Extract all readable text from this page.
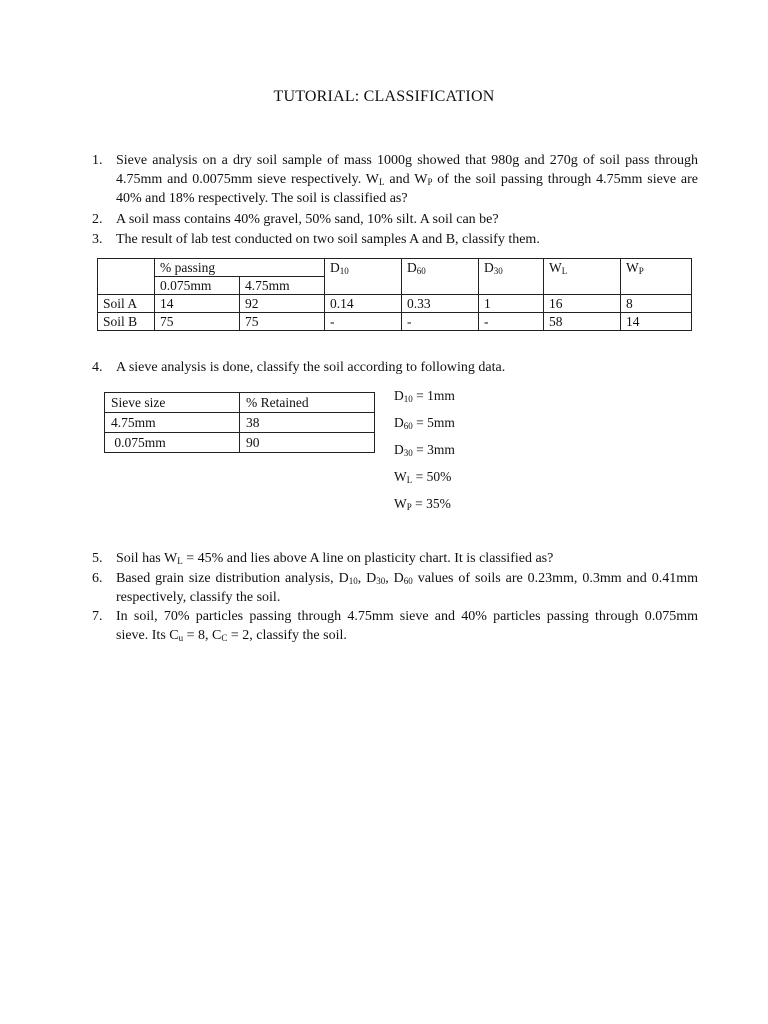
TUTORIAL: CLASSIFICATION
1. Sieve analysis on a dry soil sample of mass 1000g showed that 980g and 270g of soil pass through 4.75mm and 0.0075mm sieve respectively. $W_L$ and $W_P$ of the soil passing through 4.75mm sieve are 40% and 18% respectively. The soil is classified as?
2. A soil mass contains 40% gravel, 50% sand, 10% silt. A soil can be?
3. The result of lab test conducted on two soil samples A and B, classify them.
	% passing		$D_{10}$	$D_{60}$	$D_{30}$	$W_L$	$W_P$
	0.075mm	4.75mm					
Soil A	14	92	0.14	0.33	1	16	8
Soil B	75	75	-	-	-	58	14
4. A sieve analysis is done, classify the soil according to following data.
Sieve size	% Retained
4.75mm	38
0.075mm	90
$D_{10} = 1mm$
$D_{60} = 5mm$
$D_{30} = 3mm$
$W_L = 50\%$
$W_P = 35\%$
5. Soil has $W_L = 45\%$ and lies above A line on plasticity chart. It is classified as?
6. Based grain size distribution analysis, $D_{10}$, $D_{30}$, $D_{60}$ values of soils are 0.23mm, 0.3mm and 0.41mm respectively, classify the soil.
7. In soil, 70% particles passing through 4.75mm sieve and 40% particles passing through 0.075mm sieve. Its $C_u = 8$, $C_C = 2$, classify the soil.
